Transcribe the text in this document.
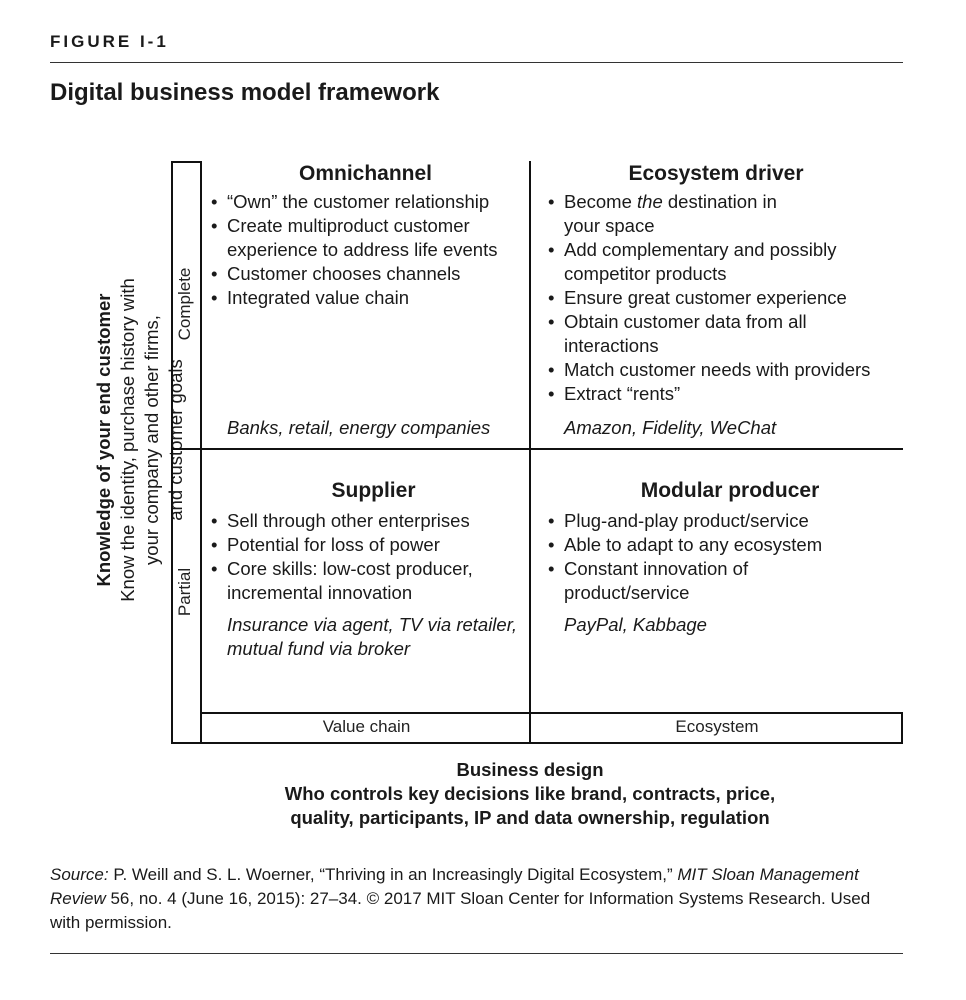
FIGURE I-1
Digital business model framework
Knowledge of your end customer Know the identity, purchase history with your company and other firms, and customer goals
Complete
Partial
Value chain	Ecosystem
Omnichannel
• “Own” the customer relationship
• Create multiproduct customer experience to address life events
• Customer chooses channels
• Integrated value chain
Banks, retail, energy companies
Ecosystem driver
• Become the destination in your space
• Add complementary and possibly competitor products
• Ensure great customer experience
• Obtain customer data from all interactions
• Match customer needs with providers
• Extract “rents”
Amazon, Fidelity, WeChat
Supplier
• Sell through other enterprises
• Potential for loss of power
• Core skills: low-cost producer, incremental innovation
Insurance via agent, TV via retailer, mutual fund via broker
Modular producer
• Plug-and-play product/service
• Able to adapt to any ecosystem
• Constant innovation of product/service
PayPal, Kabbage
Business design
Who controls key decisions like brand, contracts, price,
quality, participants, IP and data ownership, regulation
Source: P. Weill and S. L. Woerner, “Thriving in an Increasingly Digital Ecosystem,” MIT Sloan Management Review 56, no. 4 (June 16, 2015): 27–34. © 2017 MIT Sloan Center for Information Systems Research. Used with permission.
